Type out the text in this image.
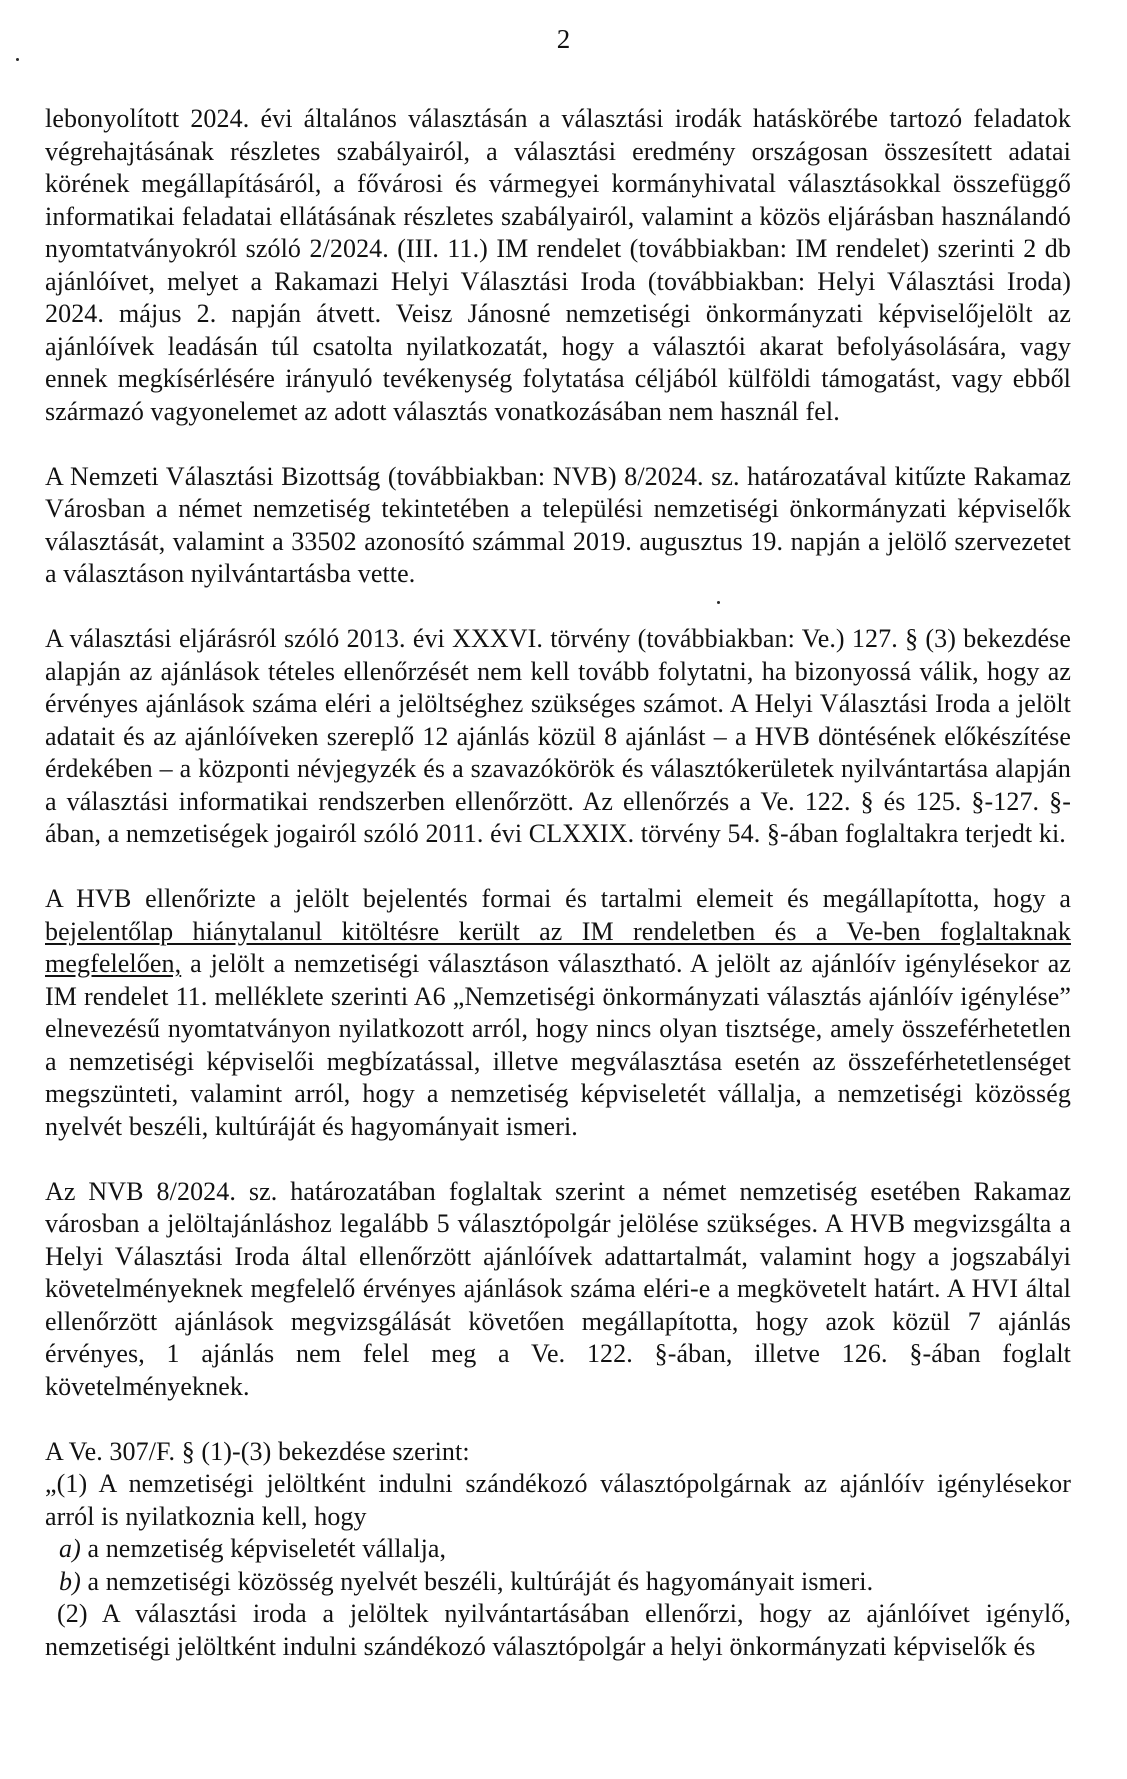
2

lebonyolított 2024. évi általános választásán a választási irodák hatáskörébe tartozó feladatok végrehajtásának részletes szabályairól, a választási eredmény országosan összesített adatai körének megállapításáról, a fővárosi és vármegyei kormányhivatal választásokkal összefüggő informatikai feladatai ellátásának részletes szabályairól, valamint a közös eljárásban használandó nyomtatványokról szóló 2/2024. (III. 11.) IM rendelet (továbbiakban: IM rendelet) szerinti 2 db ajánlóívet, melyet a Rakamazi Helyi Választási Iroda (továbbiakban: Helyi Választási Iroda) 2024. május 2. napján átvett. Veisz Jánosné nemzetiségi önkormányzati képviselőjelölt az ajánlóívek leadásán túl csatolta nyilatkozatát, hogy a választói akarat befolyásolására, vagy ennek megkísérlésére irányuló tevékenység folytatása céljából külföldi támogatást, vagy ebből származó vagyonelemet az adott választás vonatkozásában nem használ fel.

A Nemzeti Választási Bizottság (továbbiakban: NVB) 8/2024. sz. határozatával kitűzte Rakamaz Városban a német nemzetiség tekintetében a települési nemzetiségi önkormányzati képviselők választását, valamint a 33502 azonosító számmal 2019. augusztus 19. napján a jelölő szervezetet a választáson nyilvántartásba vette.

A választási eljárásról szóló 2013. évi XXXVI. törvény (továbbiakban: Ve.) 127. § (3) bekezdése alapján az ajánlások tételes ellenőrzését nem kell tovább folytatni, ha bizonyossá válik, hogy az érvényes ajánlások száma eléri a jelöltséghez szükséges számot. A Helyi Választási Iroda a jelölt adatait és az ajánlóíveken szereplő 12 ajánlás közül 8 ajánlást – a HVB döntésének előkészítése érdekében – a központi névjegyzék és a szavazókörök és választókerületek nyilvántartása alapján a választási informatikai rendszerben ellenőrzött. Az ellenőrzés a Ve. 122. § és 125. §-127. §-ában, a nemzetiségek jogairól szóló 2011. évi CLXXIX. törvény 54. §-ában foglaltakra terjedt ki.

A HVB ellenőrizte a jelölt bejelentés formai és tartalmi elemeit és megállapította, hogy a bejelentőlap hiánytalanul kitöltésre került az IM rendeletben és a Ve-ben foglaltaknak megfelelően, a jelölt a nemzetiségi választáson választható. A jelölt az ajánlóív igénylésekor az IM rendelet 11. melléklete szerinti A6 „Nemzetiségi önkormányzati választás ajánlóív igénylése” elnevezésű nyomtatványon nyilatkozott arról, hogy nincs olyan tisztsége, amely összeférhetetlen a nemzetiségi képviselői megbízatással, illetve megválasztása esetén az összeférhetetlenséget megszünteti, valamint arról, hogy a nemzetiség képviseletét vállalja, a nemzetiségi közösség nyelvét beszéli, kultúráját és hagyományait ismeri.

Az NVB 8/2024. sz. határozatában foglaltak szerint a német nemzetiség esetében Rakamaz városban a jelöltajánláshoz legalább 5 választópolgár jelölése szükséges. A HVB megvizsgálta a Helyi Választási Iroda által ellenőrzött ajánlóívek adattartalmát, valamint hogy a jogszabályi követelményeknek megfelelő érvényes ajánlások száma eléri-e a megkövetelt határt. A HVI által ellenőrzött ajánlások megvizsgálását követően megállapította, hogy azok közül 7 ajánlás érvényes, 1 ajánlás nem felel meg a Ve. 122. §-ában, illetve 126. §-ában foglalt követelményeknek.

A Ve. 307/F. § (1)-(3) bekezdése szerint:

„(1) A nemzetiségi jelöltként indulni szándékozó választópolgárnak az ajánlóív igénylésekor arról is nyilatkoznia kell, hogy

a) a nemzetiség képviseletét vállalja,

b) a nemzetiségi közösség nyelvét beszéli, kultúráját és hagyományait ismeri.

(2) A választási iroda a jelöltek nyilvántartásában ellenőrzi, hogy az ajánlóívet igénylő, nemzetiségi jelöltként indulni szándékozó választópolgár a helyi önkormányzati képviselők és
